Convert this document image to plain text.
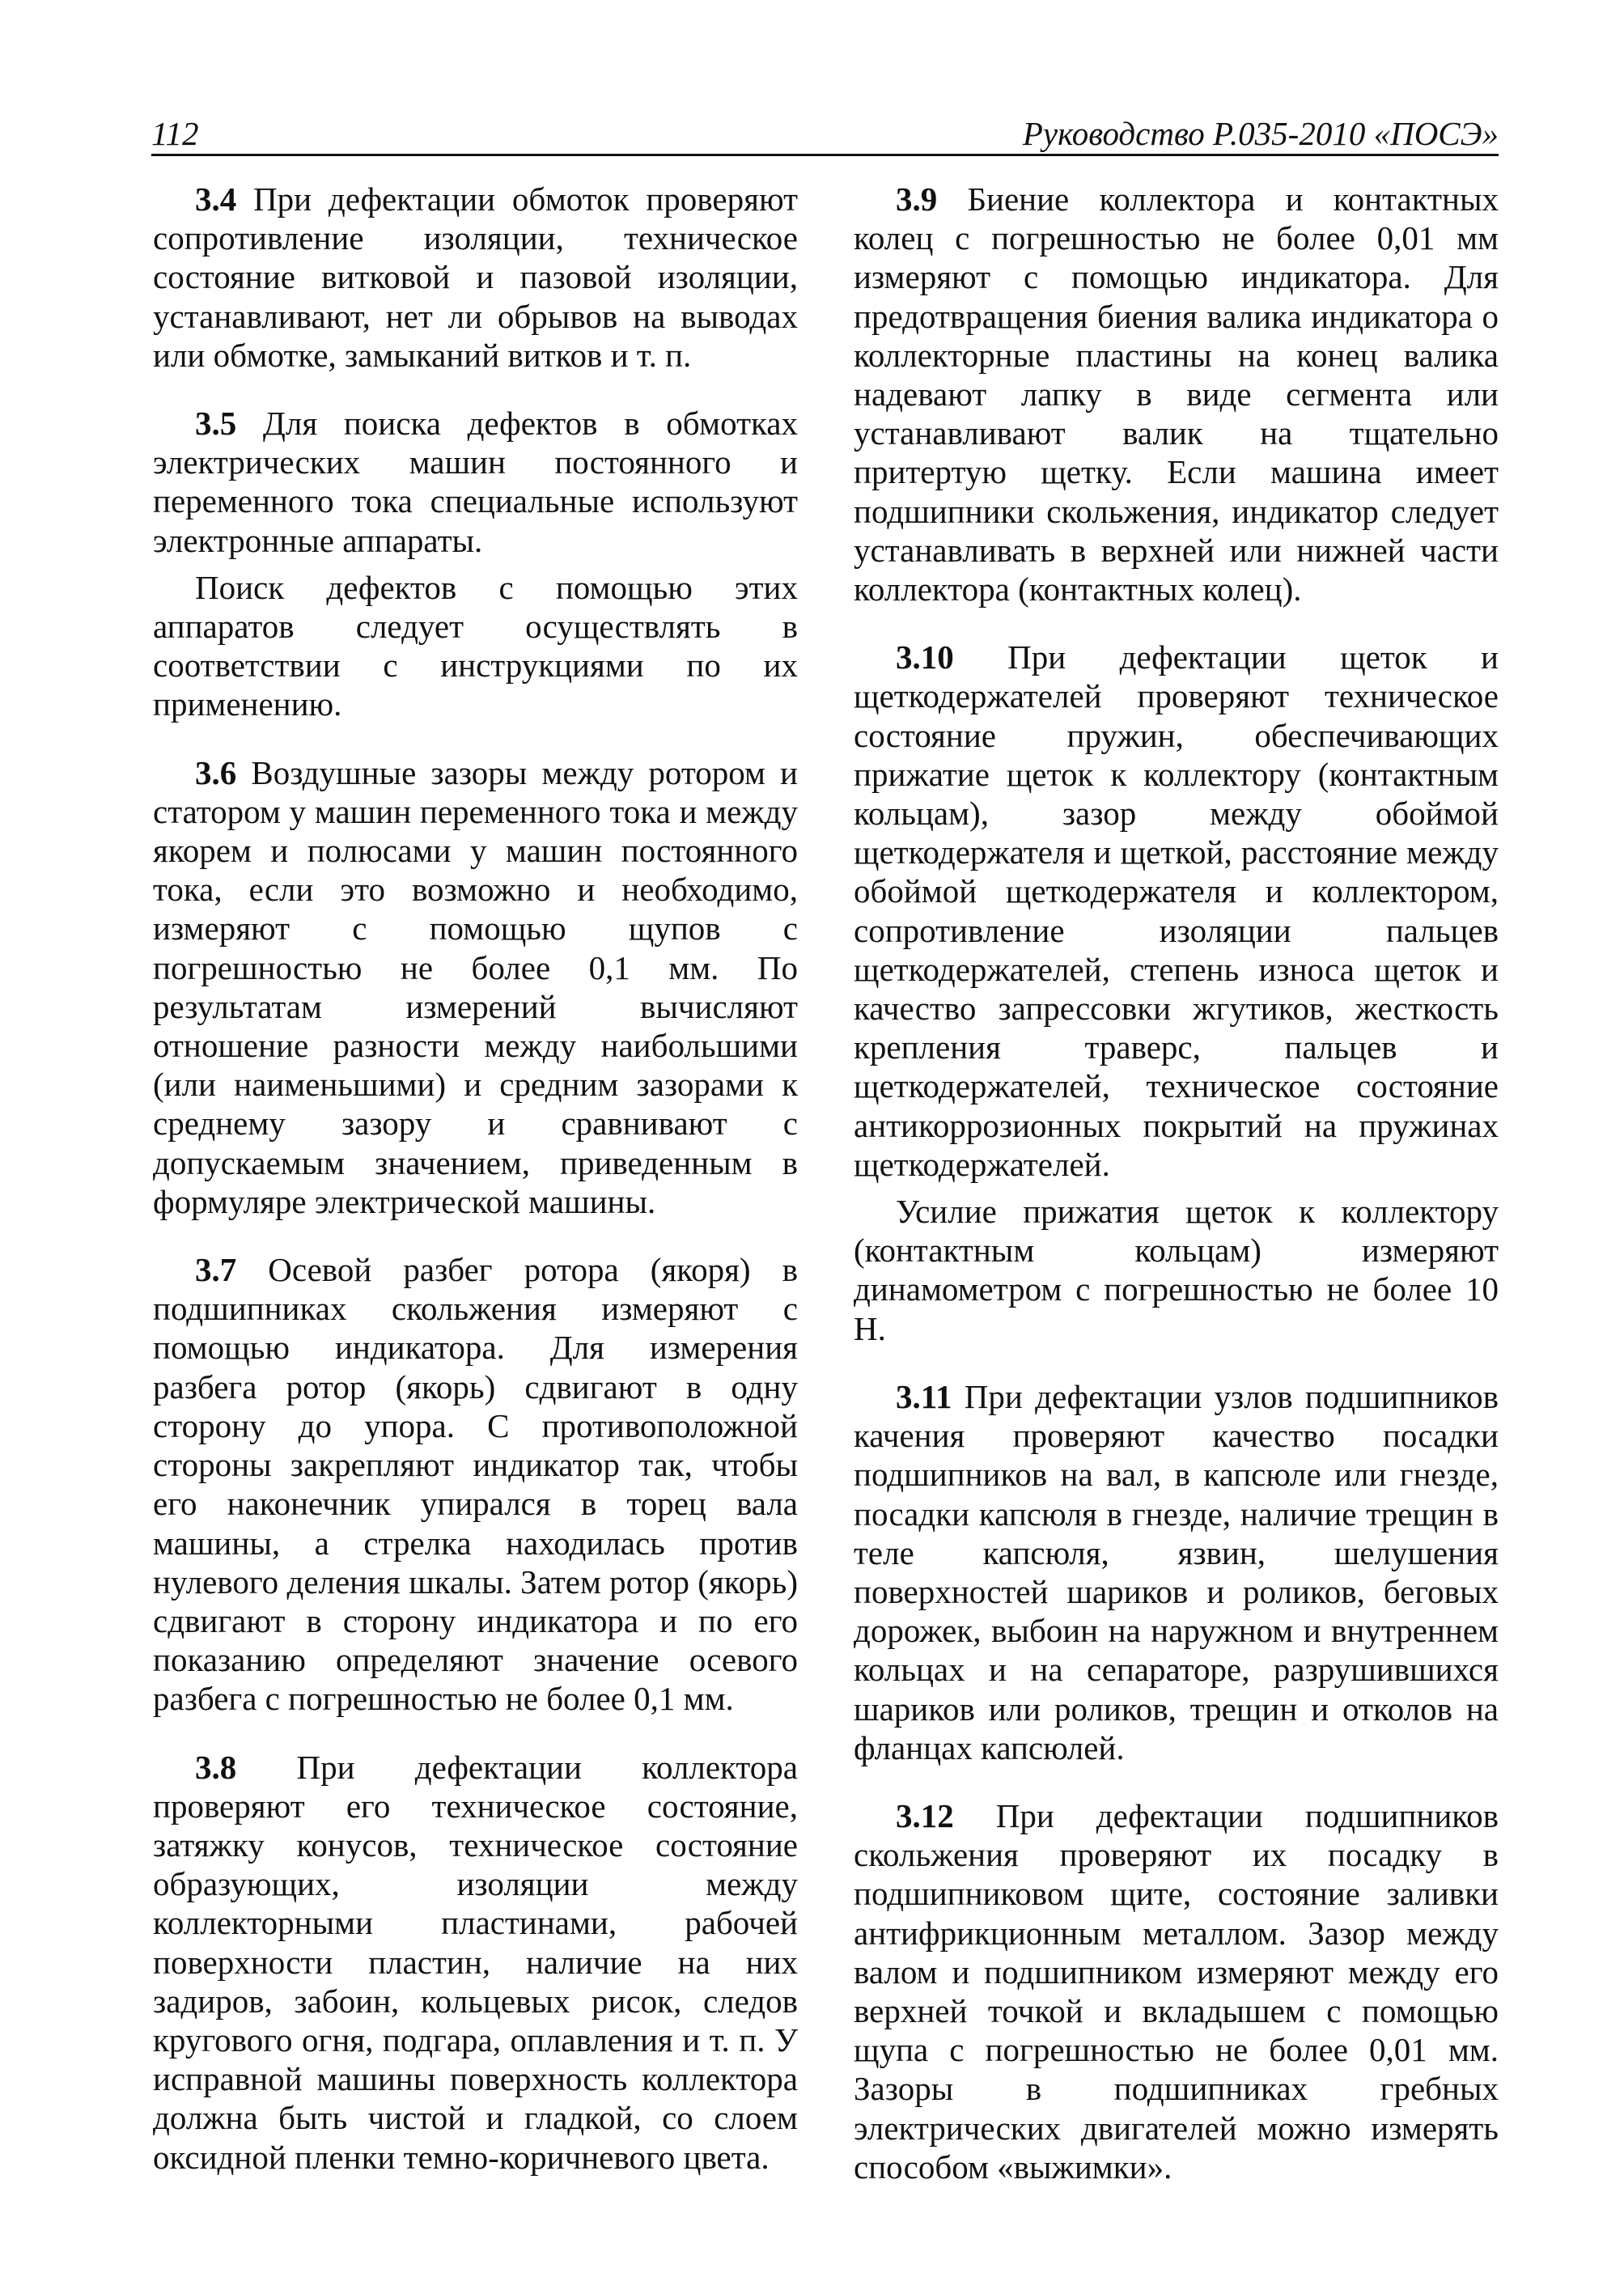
112	Руководство Р.035-2010 «ПОСЭ»

3.4 При дефектации обмоток проверяют сопротивление изоляции, техническое состояние витковой и пазовой изоляции, устанавливают, нет ли обрывов на выводах или обмотке, замыканий витков и т. п.

3.5 Для поиска дефектов в обмотках электрических машин постоянного и переменного тока специальные используют электронные аппараты.

Поиск дефектов с помощью этих аппаратов следует осуществлять в соответствии с инструкциями по их применению.

3.6 Воздушные зазоры между ротором и статором у машин переменного тока и между якорем и полюсами у машин постоянного тока, если это возможно и необходимо, измеряют с помощью щупов с погрешностью не более 0,1 мм. По результатам измерений вычисляют отношение разности между наибольшими (или наименьшими) и средним зазорами к среднему зазору и сравнивают с допускаемым значением, приведенным в формуляре электрической машины.

3.7 Осевой разбег ротора (якоря) в подшипниках скольжения измеряют с помощью индикатора. Для измерения разбега ротор (якорь) сдвигают в одну сторону до упора. С противоположной стороны закрепляют индикатор так, чтобы его наконечник упирался в торец вала машины, а стрелка находилась против нулевого деления шкалы. Затем ротор (якорь) сдвигают в сторону индикатора и по его показанию определяют значение осевого разбега с погрешностью не более 0,1 мм.

3.8 При дефектации коллектора проверяют его техническое состояние, затяжку конусов, техническое состояние образующих, изоляции между коллекторными пластинами, рабочей поверхности пластин, наличие на них задиров, забоин, кольцевых рисок, следов кругового огня, подгара, оплавления и т. п. У исправной машины поверхность коллектора должна быть чистой и гладкой, со слоем оксидной пленки темно-коричневого цвета.

3.9 Биение коллектора и контактных колец с погрешностью не более 0,01 мм измеряют с помощью индикатора. Для предотвращения биения валика индикатора о коллекторные пластины на конец валика надевают лапку в виде сегмента или устанавливают валик на тщательно притертую щетку. Если машина имеет подшипники скольжения, индикатор следует устанавливать в верхней или нижней части коллектора (контактных колец).

3.10 При дефектации щеток и щеткодержателей проверяют техническое состояние пружин, обеспечивающих прижатие щеток к коллектору (контактным кольцам), зазор между обоймой щеткодержателя и щеткой, расстояние между обоймой щеткодержателя и коллектором, сопротивление изоляции пальцев щеткодержателей, степень износа щеток и качество запрессовки жгутиков, жесткость крепления траверс, пальцев и щеткодержателей, техническое состояние антикоррозионных покрытий на пружинах щеткодержателей.

Усилие прижатия щеток к коллектору (контактным кольцам) измеряют динамометром с погрешностью не более 10 Н.

3.11 При дефектации узлов подшипников качения проверяют качество посадки подшипников на вал, в капсюле или гнезде, посадки капсюля в гнезде, наличие трещин в теле капсюля, язвин, шелушения поверхностей шариков и роликов, беговых дорожек, выбоин на наружном и внутреннем кольцах и на сепараторе, разрушившихся шариков или роликов, трещин и отколов на фланцах капсюлей.

3.12 При дефектации подшипников скольжения проверяют их посадку в подшипниковом щите, состояние заливки антифрикционным металлом. Зазор между валом и подшипником измеряют между его верхней точкой и вкладышем с помощью щупа с погрешностью не более 0,01 мм. Зазоры в подшипниках гребных электрических двигателей можно измерять способом «выжимки».
